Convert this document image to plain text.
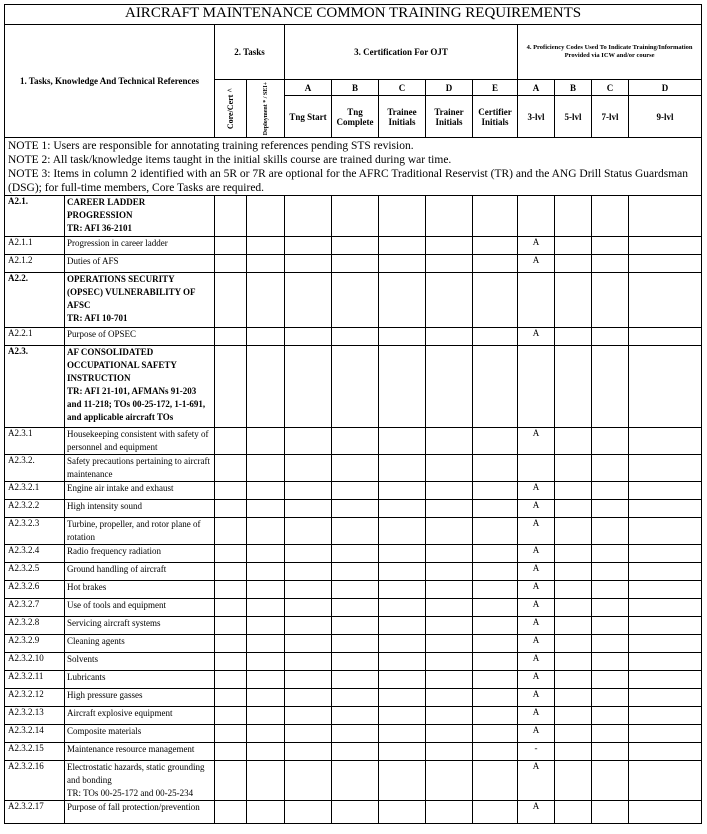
AIRCRAFT MAINTENANCE COMMON TRAINING REQUIREMENTS												
1. Tasks, Knowledge And Technical References		2. Tasks		3. Certification For OJT					4. Proficiency Codes Used To Indicate Training/Information Provided via ICW and/or course			

		Core/Cert ^	Deployment * / SEI+	A	B	C	D	E	A	B	C	D
				Tng Start	Tng Complete	Trainee Initials	Trainer Initials	Certifier Initials	3-lvl	5-lvl	7-lvl	9-lvl

NOTE 1: Users are responsible for annotating training references pending STS revision.
NOTE 2: All task/knowledge items taught in the initial skills course are trained during war time.
NOTE 3: Items in column 2 identified with an 5R or 7R are optional for the AFRC Traditional Reservist (TR) and the ANG Drill Status Guardsman (DSG); for full-time members, Core Tasks are required.												

A2.1.	CAREER LADDER PROGRESSION
TR: AFI 36-2101											
A2.1.1	Progression in career ladder								A			
A2.1.2	Duties of AFS								A			
A2.2.	OPERATIONS SECURITY (OPSEC) VULNERABILITY OF AFSC
TR: AFI 10-701											
A2.2.1	Purpose of OPSEC								A			
A2.3.	AF CONSOLIDATED OCCUPATIONAL SAFETY INSTRUCTION
TR: AFI 21-101, AFMANs 91-203 and 11-218; TOs 00-25-172, 1-1-691, and applicable aircraft TOs											
A2.3.1	Housekeeping consistent with safety of personnel and equipment								A			
A2.3.2.	Safety precautions pertaining to aircraft maintenance											
A2.3.2.1	Engine air intake and exhaust								A			
A2.3.2.2	High intensity sound								A			
A2.3.2.3	Turbine, propeller, and rotor plane of rotation								A			
A2.3.2.4	Radio frequency radiation								A			
A2.3.2.5	Ground handling of aircraft								A			
A2.3.2.6	Hot brakes								A			
A2.3.2.7	Use of tools and equipment								A			
A2.3.2.8	Servicing aircraft systems								A			
A2.3.2.9	Cleaning agents								A			
A2.3.2.10	Solvents								A			
A2.3.2.11	Lubricants								A			
A2.3.2.12	High pressure gasses								A			
A2.3.2.13	Aircraft explosive equipment								A			
A2.3.2.14	Composite materials								A			
A2.3.2.15	Maintenance resource management								-			
A2.3.2.16	Electrostatic hazards, static grounding and bonding
TR: TOs 00-25-172 and 00-25-234								A			
A2.3.2.17	Purpose of fall protection/prevention								A			
